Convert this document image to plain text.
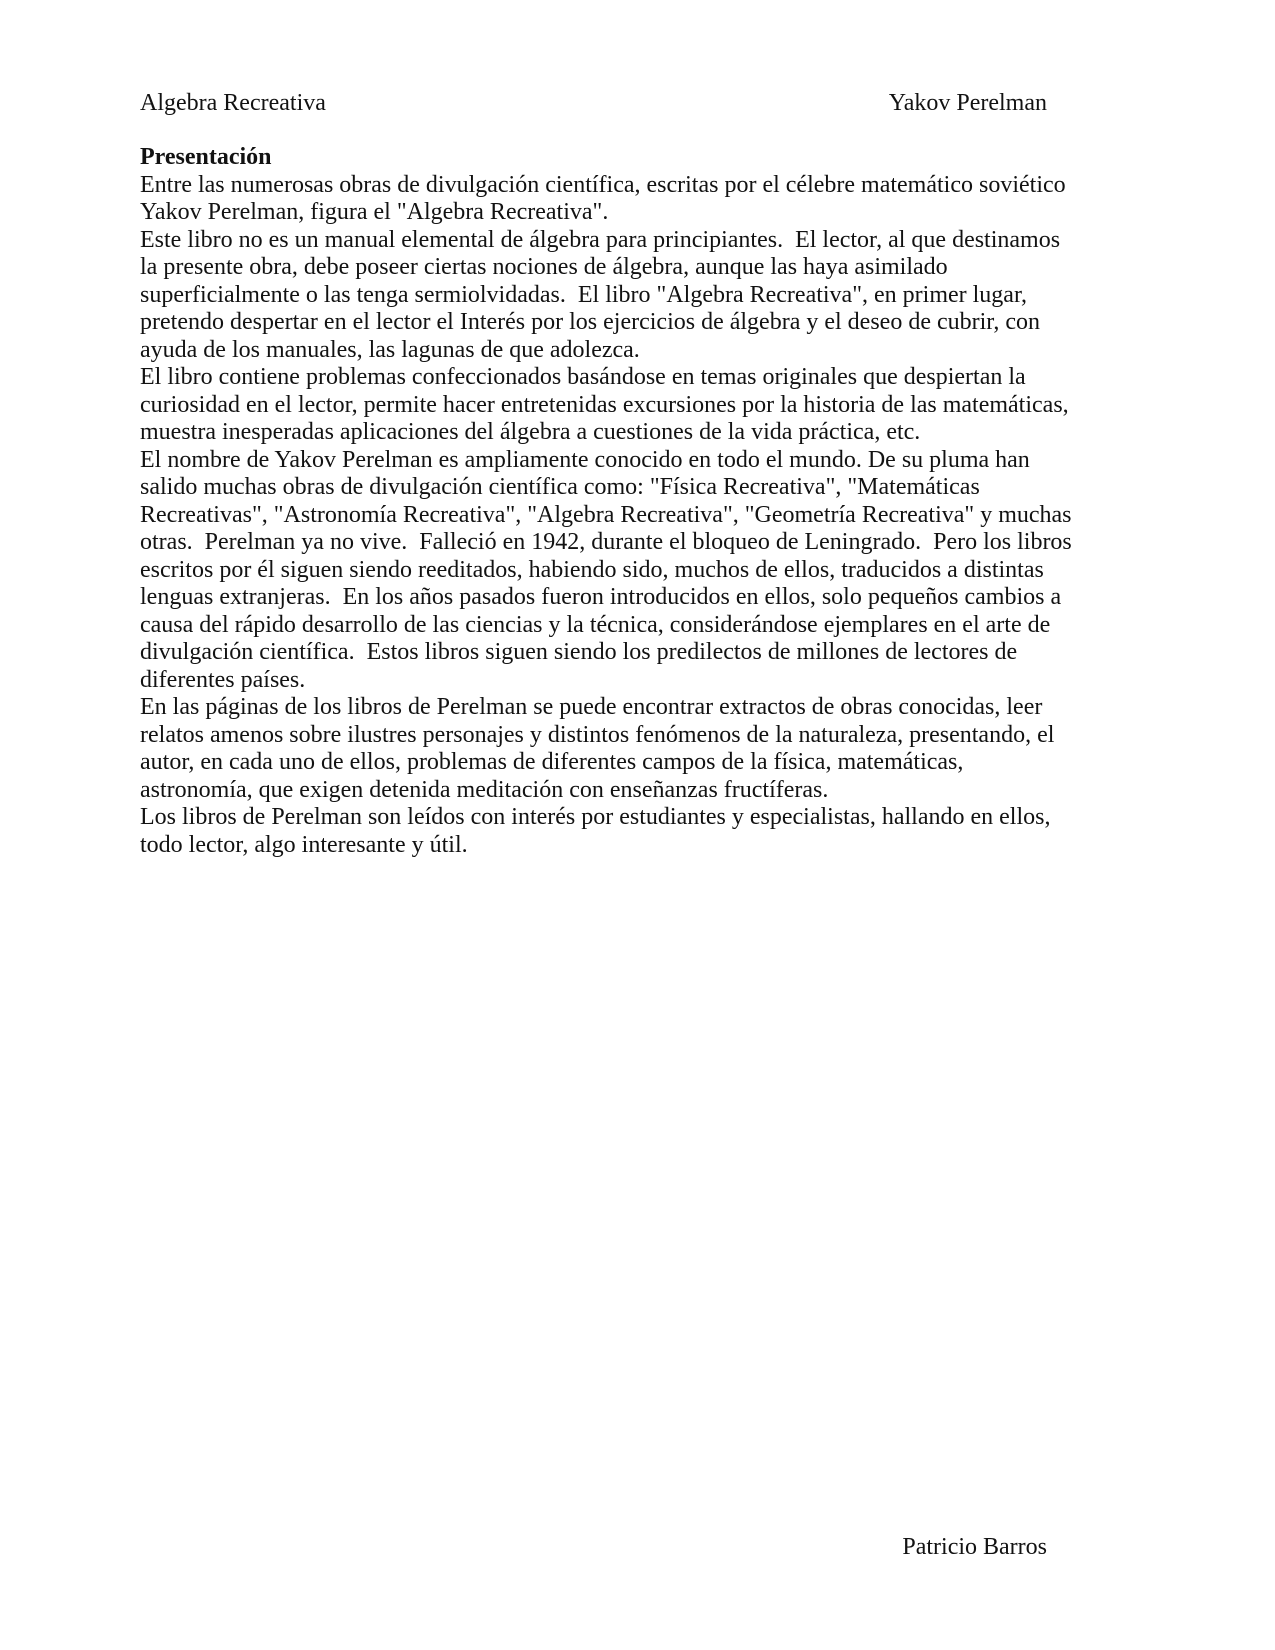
Algebra Recreativa	Yakov Perelman
Presentación
Entre las numerosas obras de divulgación científica, escritas por el célebre matemático soviético
Yakov Perelman, figura el "Algebra Recreativa".
Este libro no es un manual elemental de álgebra para principiantes.  El lector, al que destinamos
la presente obra, debe poseer ciertas nociones de álgebra, aunque las haya asimilado
superficialmente o las tenga sermiolvidadas.  El libro "Algebra Recreativa", en primer lugar,
pretendo despertar en el lector el Interés por los ejercicios de álgebra y el deseo de cubrir, con
ayuda de los manuales, las lagunas de que adolezca.
El libro contiene problemas confeccionados basándose en temas originales que despiertan la
curiosidad en el lector, permite hacer entretenidas excursiones por la historia de las matemáticas,
muestra inesperadas aplicaciones del álgebra a cuestiones de la vida práctica, etc.
El nombre de Yakov Perelman es ampliamente conocido en todo el mundo. De su pluma han
salido muchas obras de divulgación científica como: "Física Recreativa", "Matemáticas
Recreativas", "Astronomía Recreativa", "Algebra Recreativa", "Geometría Recreativa" y muchas
otras.  Perelman ya no vive.  Falleció en 1942, durante el bloqueo de Leningrado.  Pero los libros
escritos por él siguen siendo reeditados, habiendo sido, muchos de ellos, traducidos a distintas
lenguas extranjeras.  En los años pasados fueron introducidos en ellos, solo pequeños cambios a
causa del rápido desarrollo de las ciencias y la técnica, considerándose ejemplares en el arte de
divulgación científica.  Estos libros siguen siendo los predilectos de millones de lectores de
diferentes países.
En las páginas de los libros de Perelman se puede encontrar extractos de obras conocidas, leer
relatos amenos sobre ilustres personajes y distintos fenómenos de la naturaleza, presentando, el
autor, en cada uno de ellos, problemas de diferentes campos de la física, matemáticas,
astronomía, que exigen detenida meditación con enseñanzas fructíferas.
Los libros de Perelman son leídos con interés por estudiantes y especialistas, hallando en ellos,
todo lector, algo interesante y útil.
Patricio Barros
